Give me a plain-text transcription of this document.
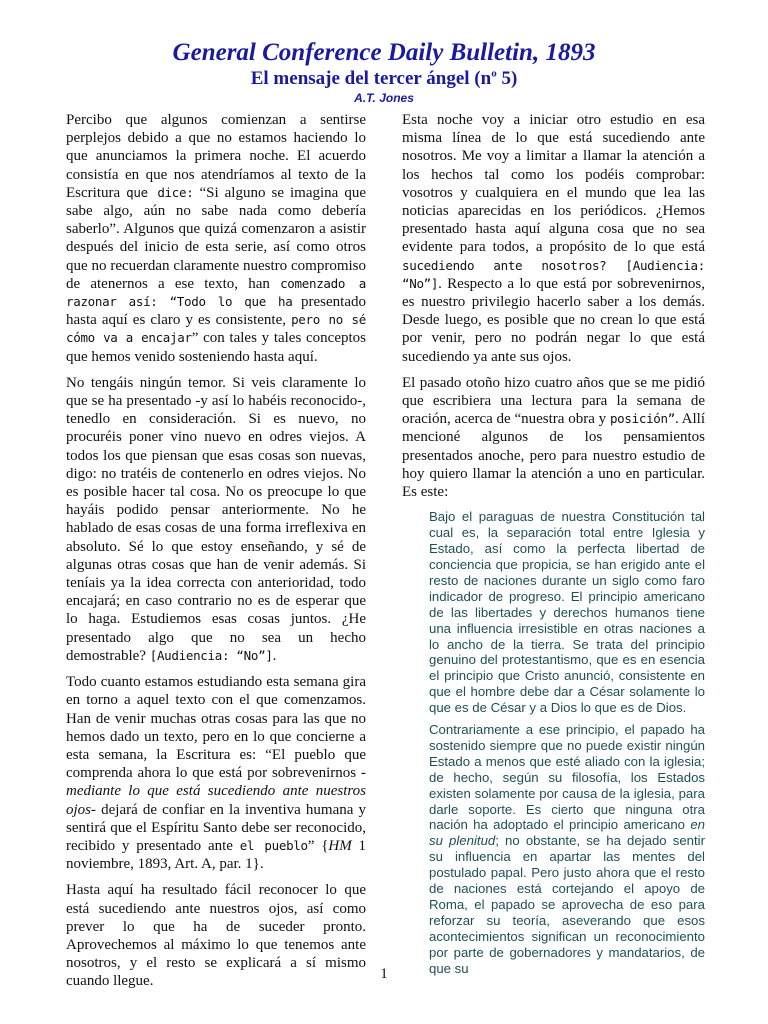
General Conference Daily Bulletin, 1893
El mensaje del tercer ángel ($n^o$ 5)
A.T. Jones

Percibo que algunos comienzan a sentirse perplejos debido a que no estamos haciendo lo que anunciamos la primera noche. El acuerdo consistía en que nos atendríamos al texto de la Escritura que dice: “Si alguno se imagina que sabe algo, aún no sabe nada como debería saberlo”. Algunos que quizá comenzaron a asistir después del inicio de esta serie, así como otros que no recuerdan claramente nuestro compromiso de atenernos a ese texto, han comenzado a razonar así: “Todo lo que ha presentado hasta aquí es claro y es consistente, pero no sé cómo va a encajar” con tales y tales conceptos que hemos venido sosteniendo hasta aquí.

No tengáis ningún temor. Si veis claramente lo que se ha presentado -y así lo habéis reconocido-, tenedlo en consideración. Si es nuevo, no procuréis poner vino nuevo en odres viejos. A todos los que piensan que esas cosas son nuevas, digo: no tratéis de contenerlo en odres viejos. No es posible hacer tal cosa. No os preocupe lo que hayáis podido pensar anteriormente. No he hablado de esas cosas de una forma irreflexiva en absoluto. Sé lo que estoy enseñando, y sé de algunas otras cosas que han de venir además. Si teníais ya la idea correcta con anterioridad, todo encajará; en caso contrario no es de esperar que lo haga. Estudiemos esas cosas juntos. ¿He presentado algo que no sea un hecho demostrable? [Audiencia: “No”].

Todo cuanto estamos estudiando esta semana gira en torno a aquel texto con el que comenzamos. Han de venir muchas otras cosas para las que no hemos dado un texto, pero en lo que concierne a esta semana, la Escritura es: “El pueblo que comprenda ahora lo que está por sobrevenirnos -mediante lo que está sucediendo ante nuestros ojos- dejará de confiar en la inventiva humana y sentirá que el Espíritu Santo debe ser reconocido, recibido y presentado ante el pueblo” {HM 1 noviembre, 1893, Art. A, par. 1}.

Hasta aquí ha resultado fácil reconocer lo que está sucediendo ante nuestros ojos, así como prever lo que ha de suceder pronto. Aprovechemos al máximo lo que tenemos ante nosotros, y el resto se explicará a sí mismo cuando llegue.

Esta noche voy a iniciar otro estudio en esa misma línea de lo que está sucediendo ante nosotros. Me voy a limitar a llamar la atención a los hechos tal como los podéis comprobar: vosotros y cualquiera en el mundo que lea las noticias aparecidas en los periódicos. ¿Hemos presentado hasta aquí alguna cosa que no sea evidente para todos, a propósito de lo que está sucediendo ante nosotros? [Audiencia: “No”]. Respecto a lo que está por sobrevenirnos, es nuestro privilegio hacerlo saber a los demás. Desde luego, es posible que no crean lo que está por venir, pero no podrán negar lo que está sucediendo ya ante sus ojos.

El pasado otoño hizo cuatro años que se me pidió que escribiera una lectura para la semana de oración, acerca de “nuestra obra y posición”. Allí mencioné algunos de los pensamientos presentados anoche, pero para nuestro estudio de hoy quiero llamar la atención a uno en particular. Es este:

Bajo el paraguas de nuestra Constitución tal cual es, la separación total entre Iglesia y Estado, así como la perfecta libertad de conciencia que propicia, se han erigido ante el resto de naciones durante un siglo como faro indicador de progreso. El principio americano de las libertades y derechos humanos tiene una influencia irresistible en otras naciones a lo ancho de la tierra. Se trata del principio genuino del protestantismo, que es en esencia el principio que Cristo anunció, consistente en que el hombre debe dar a César solamente lo que es de César y a Dios lo que es de Dios.

Contrariamente a ese principio, el papado ha sostenido siempre que no puede existir ningún Estado a menos que esté aliado con la iglesia; de hecho, según su filosofía, los Estados existen solamente por causa de la iglesia, para darle soporte. Es cierto que ninguna otra nación ha adoptado el principio americano en su plenitud; no obstante, se ha dejado sentir su influencia en apartar las mentes del postulado papal. Pero justo ahora que el resto de naciones está cortejando el apoyo de Roma, el papado se aprovecha de eso para reforzar su teoría, aseverando que esos acontecimientos significan un reconocimiento por parte de gobernadores y mandatarios, de que su

1
